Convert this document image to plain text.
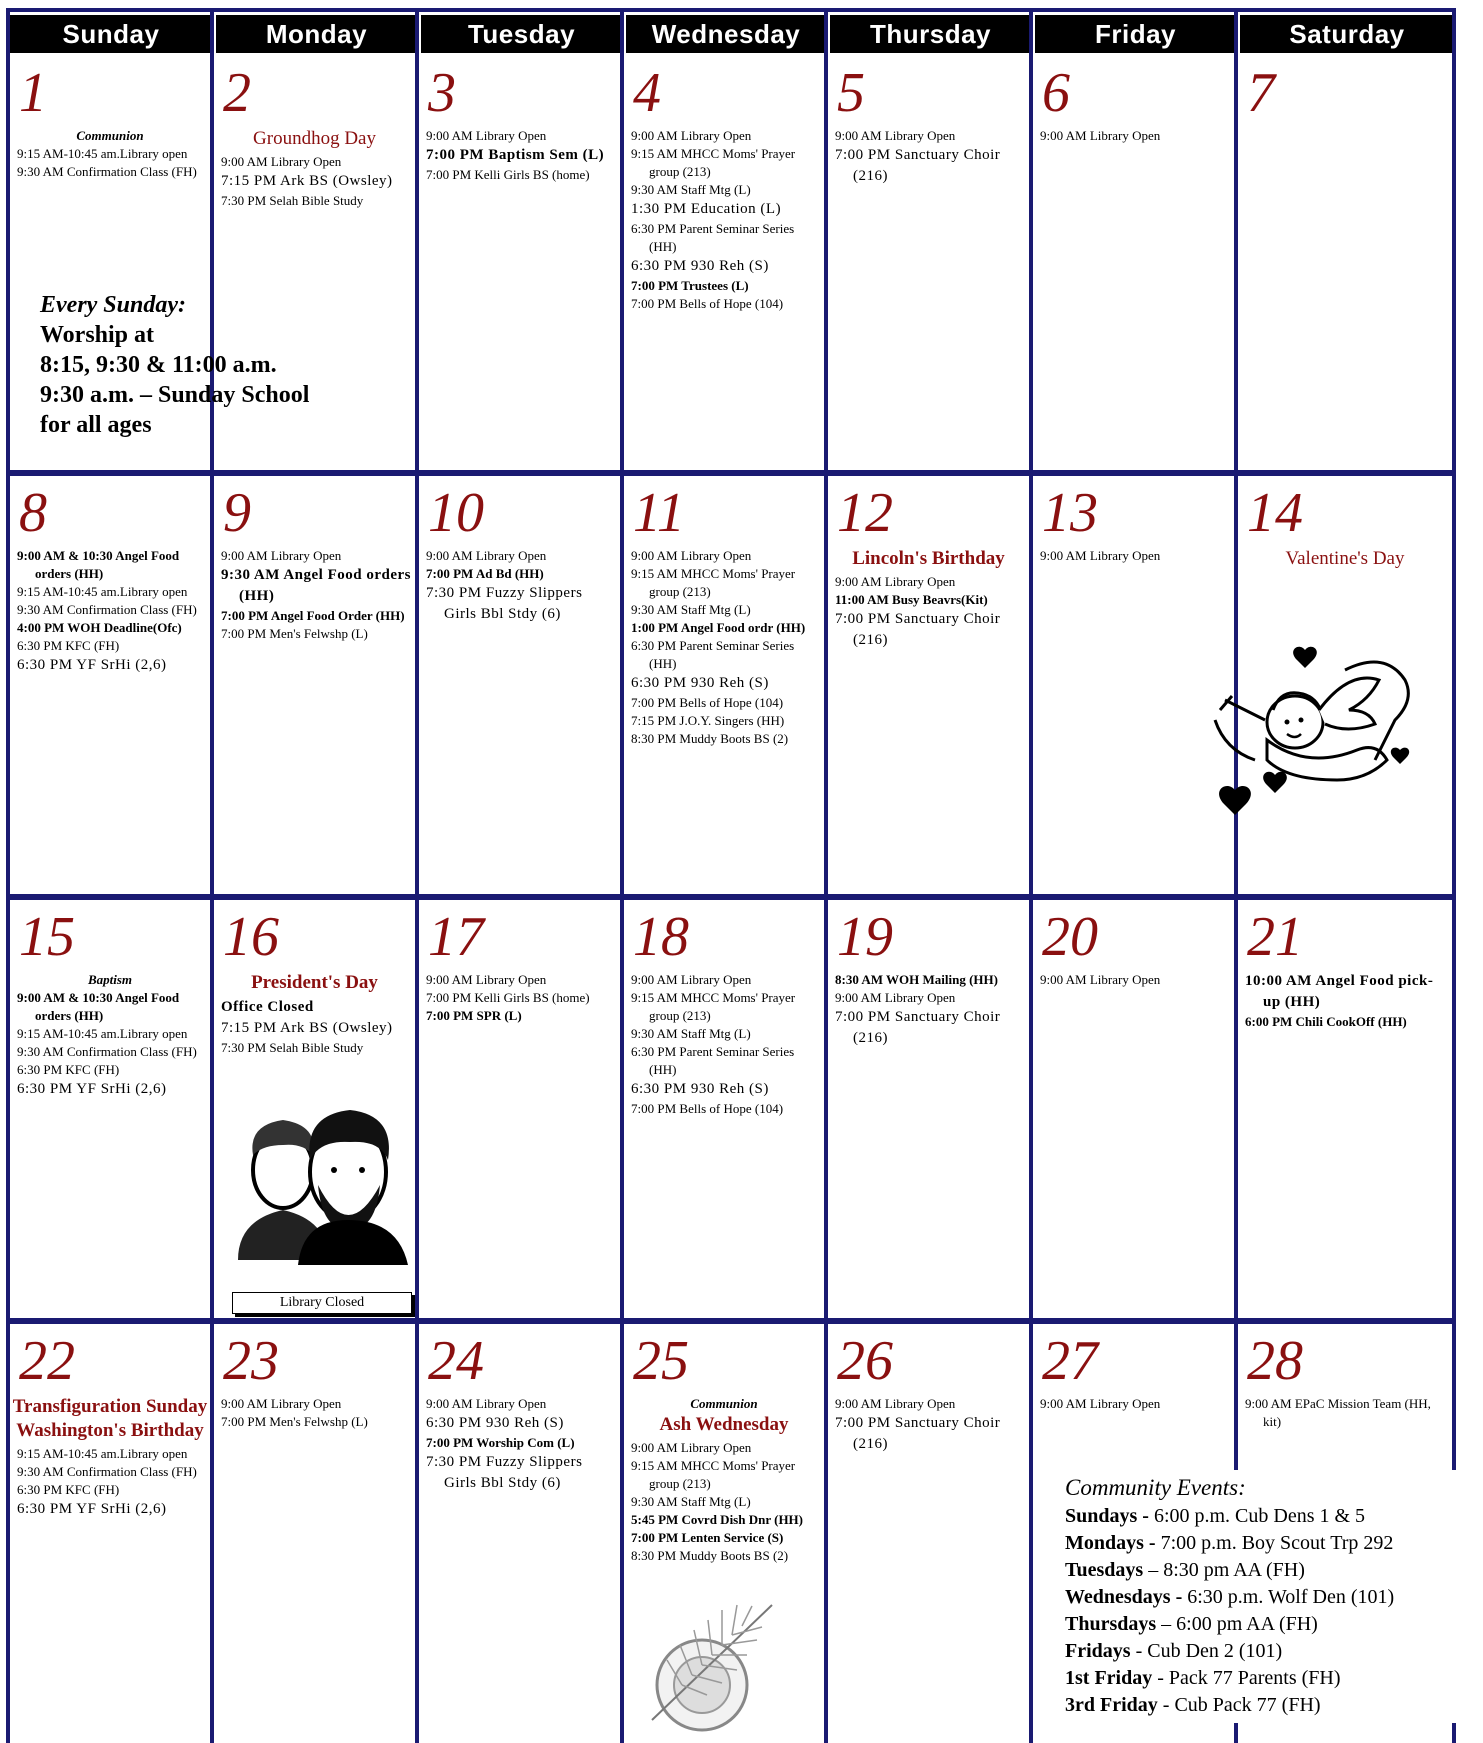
Sunday	Monday	Tuesday	Wednesday	Thursday	Friday	Saturday
1
Communion
9:15 AM-10:45 am.Library open
9:30 AM Confirmation Class (FH)
2
Groundhog Day
9:00 AM Library Open
7:15 PM Ark BS (Owsley)
7:30 PM Selah Bible Study
3
9:00 AM Library Open
7:00 PM Baptism Sem (L)
7:00 PM Kelli Girls BS (home)
4
9:00 AM Library Open
9:15 AM MHCC Moms' Prayer group (213)
9:30 AM Staff Mtg (L)
1:30 PM Education (L)
6:30 PM Parent Seminar Series (HH)
6:30 PM 930 Reh (S)
7:00 PM Trustees (L)
7:00 PM Bells of Hope (104)
5
9:00 AM Library Open
7:00 PM Sanctuary Choir (216)
6
9:00 AM Library Open
7
8
9:00 AM & 10:30 Angel Food orders (HH)
9:15 AM-10:45 am.Library open
9:30 AM Confirmation Class (FH)
4:00 PM WOH Deadline(Ofc)
6:30 PM KFC (FH)
6:30 PM YF SrHi (2,6)
9
9:00 AM Library Open
9:30 AM Angel Food orders (HH)
7:00 PM Angel Food Order (HH)
7:00 PM Men's Felwshp (L)
10
9:00 AM Library Open
7:00 PM Ad Bd (HH)
7:30 PM Fuzzy Slippers Girls Bbl Stdy (6)
11
9:00 AM Library Open
9:15 AM MHCC Moms' Prayer group (213)
9:30 AM Staff Mtg (L)
1:00 PM Angel Food ordr (HH)
6:30 PM Parent Seminar Series (HH)
6:30 PM 930 Reh (S)
7:00 PM Bells of Hope (104)
7:15 PM J.O.Y. Singers (HH)
8:30 PM Muddy Boots BS (2)
12
Lincoln's Birthday
9:00 AM Library Open
11:00 AM Busy Beavrs(Kit)
7:00 PM Sanctuary Choir (216)
13
9:00 AM Library Open
14
Valentine's Day
15
Baptism
9:00 AM & 10:30 Angel Food orders (HH)
9:15 AM-10:45 am.Library open
9:30 AM Confirmation Class (FH)
6:30 PM KFC (FH)
6:30 PM YF SrHi (2,6)
16
President's Day
Office Closed
7:15 PM Ark BS (Owsley)
7:30 PM Selah Bible Study
17
9:00 AM Library Open
7:00 PM Kelli Girls BS (home)
7:00 PM SPR (L)
18
9:00 AM Library Open
9:15 AM MHCC Moms' Prayer group (213)
9:30 AM Staff Mtg (L)
6:30 PM Parent Seminar Series (HH)
6:30 PM 930 Reh (S)
7:00 PM Bells of Hope (104)
19
8:30 AM WOH Mailing (HH)
9:00 AM Library Open
7:00 PM Sanctuary Choir (216)
20
9:00 AM Library Open
21
10:00 AM Angel Food pick-up (HH)
6:00 PM Chili CookOff (HH)
22
Transfiguration Sunday
Washington's Birthday
9:15 AM-10:45 am.Library open
9:30 AM Confirmation Class (FH)
6:30 PM KFC (FH)
6:30 PM YF SrHi (2,6)
23
9:00 AM Library Open
7:00 PM Men's Felwshp (L)
24
9:00 AM Library Open
6:30 PM 930 Reh (S)
7:00 PM Worship Com (L)
7:30 PM Fuzzy Slippers Girls Bbl Stdy (6)
25
Communion
Ash Wednesday
9:00 AM Library Open
9:15 AM MHCC Moms' Prayer group (213)
9:30 AM Staff Mtg (L)
5:45 PM Covrd Dish Dnr (HH)
7:00 PM Lenten Service (S)
8:30 PM Muddy Boots BS (2)
26
9:00 AM Library Open
7:00 PM Sanctuary Choir (216)
27
9:00 AM Library Open
28
9:00 AM EPaC Mission Team (HH, kit)
Every Sunday:
Worship at
8:15, 9:30 & 11:00 a.m.
9:30 a.m. – Sunday School
for all ages
Library Closed
Community Events:
Sundays - 6:00 p.m. Cub Dens 1 & 5
Mondays - 7:00 p.m. Boy Scout Trp 292
Tuesdays – 8:30 pm AA (FH)
Wednesdays - 6:30 p.m. Wolf Den (101)
Thursdays – 6:00 pm AA (FH)
Fridays - Cub Den 2 (101)
1st Friday - Pack 77 Parents (FH)
3rd Friday - Cub Pack 77 (FH)
